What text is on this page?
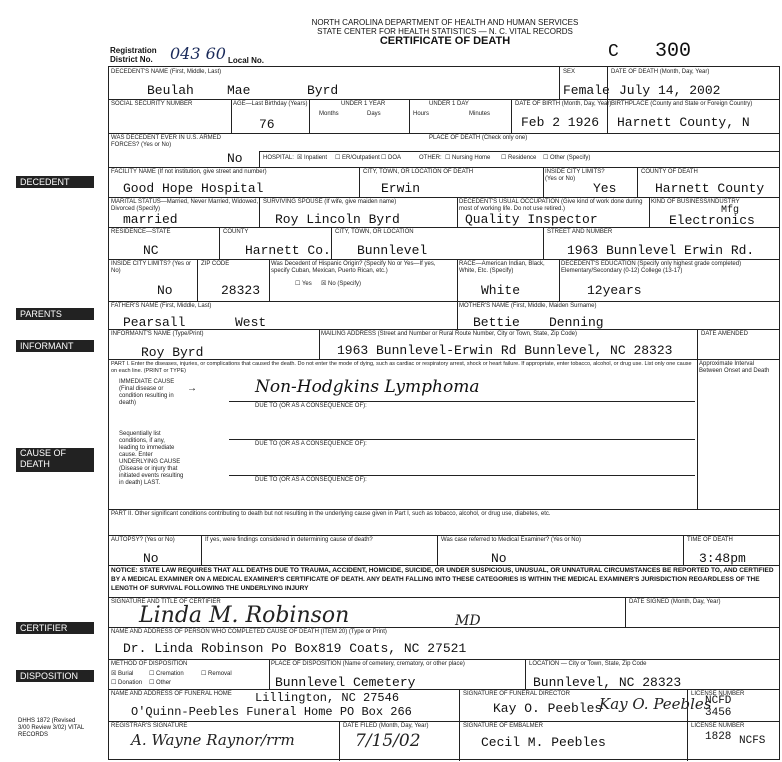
NORTH CAROLINA DEPARTMENT OF HEALTH AND HUMAN SERVICES
STATE CENTER FOR HEALTH STATISTICS — N. C. VITAL RECORDS
CERTIFICATE OF DEATH
Registration District No.	043 60 Local No.	C 300
DECEDENT
PARENTS
INFORMANT
CAUSE OF DEATH
CERTIFIER
DISPOSITION
DHHS 1872 (Revised 3/00 Review 3/02) VITAL RECORDS
DECEDENT'S NAME (First, Middle, Last)
Beulah	Mae	Byrd
SEX
Female
DATE OF DEATH (Month, Day, Year)
July 14, 2002
SOCIAL SECURITY NUMBER	AGE—Last Birthday (Years)
76
UNDER 1 YEAR
Months	Days
UNDER 1 DAY
Hours	Minutes
DATE OF BIRTH (Month, Day, Year)
Feb 2 1926
BIRTHPLACE (County and State or Foreign Country)
Harnett County, N
WAS DECEDENT EVER IN U.S. ARMED FORCES? (Yes or No)
No
PLACE OF DEATH (Check only one)
HOSPITAL: ☒ Inpatient ☐ ER/Outpatient ☐ DOA	OTHER: ☐ Nursing Home ☐ Residence ☐ Other (Specify)
FACILITY NAME (If not institution, give street and number)
Good Hope Hospital
CITY, TOWN, OR LOCATION OF DEATH
Erwin
INSIDE CITY LIMITS? (Yes or No)
Yes
COUNTY OF DEATH
Harnett County
MARITAL STATUS—Married, Never Married, Widowed, Divorced (Specify)
married
SURVIVING SPOUSE (If wife, give maiden name)
Roy Lincoln Byrd
DECEDENT'S USUAL OCCUPATION (Give kind of work done during most of working life. Do not use retired.)
Quality Inspector
KIND OF BUSINESS/INDUSTRY
Mfg
Electronics
RESIDENCE—STATE
NC
COUNTY
Harnett Co.
CITY, TOWN, OR LOCATION
Bunnlevel
STREET AND NUMBER
1963 Bunnlevel Erwin Rd.
INSIDE CITY LIMITS? (Yes or No)
No
ZIP CODE
28323
Was Decedent of Hispanic Origin? (Specify No or Yes—If yes, specify Cuban, Mexican, Puerto Rican, etc.)
☐ Yes ☒ No (Specify)
RACE—American Indian, Black, White, Etc. (Specify)
White
DECEDENT'S EDUCATION (Specify only highest grade completed) Elementary/Secondary (0-12) College (13-17)
12years
FATHER'S NAME (First, Middle, Last)
Pearsall	West
MOTHER'S NAME (First, Middle, Maiden Surname)
Bettie Denning
INFORMANT'S NAME (Type/Print)
Roy Byrd
MAILING ADDRESS (Street and Number or Rural Route Number, City or Town, State, Zip Code)
1963 Bunnlevel-Erwin Rd Bunnlevel, NC 28323
DATE AMENDED
PART I. Enter the diseases, injuries, or complications that caused the death. Do not enter the mode of dying, such as cardiac or respiratory arrest, shock or heart failure. If appropriate, enter tobacco, alcohol, or drug use. List only one cause on each line. (PRINT or TYPE)
Approximate Interval Between Onset and Death
IMMEDIATE CAUSE (Final disease or condition resulting in death)
→	Non-Hodgkins Lymphoma
DUE TO (OR AS A CONSEQUENCE OF):
Sequentially list conditions, if any, leading to immediate cause. Enter UNDERLYING CAUSE (Disease or injury that initiated events resulting in death) LAST.
DUE TO (OR AS A CONSEQUENCE OF):
DUE TO (OR AS A CONSEQUENCE OF):
PART II. Other significant conditions contributing to death but not resulting in the underlying cause given in Part I, such as tobacco, alcohol, or drug use, diabetes, etc.
AUTOPSY? (Yes or No)
No
If yes, were findings considered in determining cause of death?	Was case referred to Medical Examiner? (Yes or No)
No
TIME OF DEATH
3:48pm
NOTICE: STATE LAW REQUIRES THAT ALL DEATHS DUE TO TRAUMA, ACCIDENT, HOMICIDE, SUICIDE, OR UNDER SUSPICIOUS, UNUSUAL, OR UNNATURAL CIRCUMSTANCES BE REPORTED TO, AND CERTIFIED BY A MEDICAL EXAMINER ON A MEDICAL EXAMINER'S CERTIFICATE OF DEATH. ANY DEATH FALLING INTO THESE CATEGORIES IS WITHIN THE MEDICAL EXAMINER'S JURISDICTION REGARDLESS OF THE LENGTH OF SURVIVAL FOLLOWING THE UNDERLYING INJURY
SIGNATURE AND TITLE OF CERTIFIER
Linda M. Robinson	MD
DATE SIGNED (Month, Day, Year)
NAME AND ADDRESS OF PERSON WHO COMPLETED CAUSE OF DEATH (ITEM 20) (Type or Print)
Dr. Linda Robinson Po Box819 Coats, NC 27521
METHOD OF DISPOSITION
☒ Burial	☐ Cremation	☐ Removal
☐ Donation ☐ Other
PLACE OF DISPOSITION (Name of cemetery, crematory, or other place)
Bunnlevel Cemetery
LOCATION — City or Town, State, Zip Code
Bunnlevel, NC 28323
NAME AND ADDRESS OF FUNERAL HOME Lillington, NC 27546
O'Quinn-Peebles Funeral Home PO Box 266
SIGNATURE OF FUNERAL DIRECTOR
Kay O. Peebles
Kay O. Peebles
LICENSE NUMBER
NCFD
3456
REGISTRAR'S SIGNATURE
A. Wayne Raynor/rrm
DATE FILED (Month, Day, Year)
7/15/02
SIGNATURE OF EMBALMER
Cecil M. Peebles
LICENSE NUMBER
1828 NCFS
